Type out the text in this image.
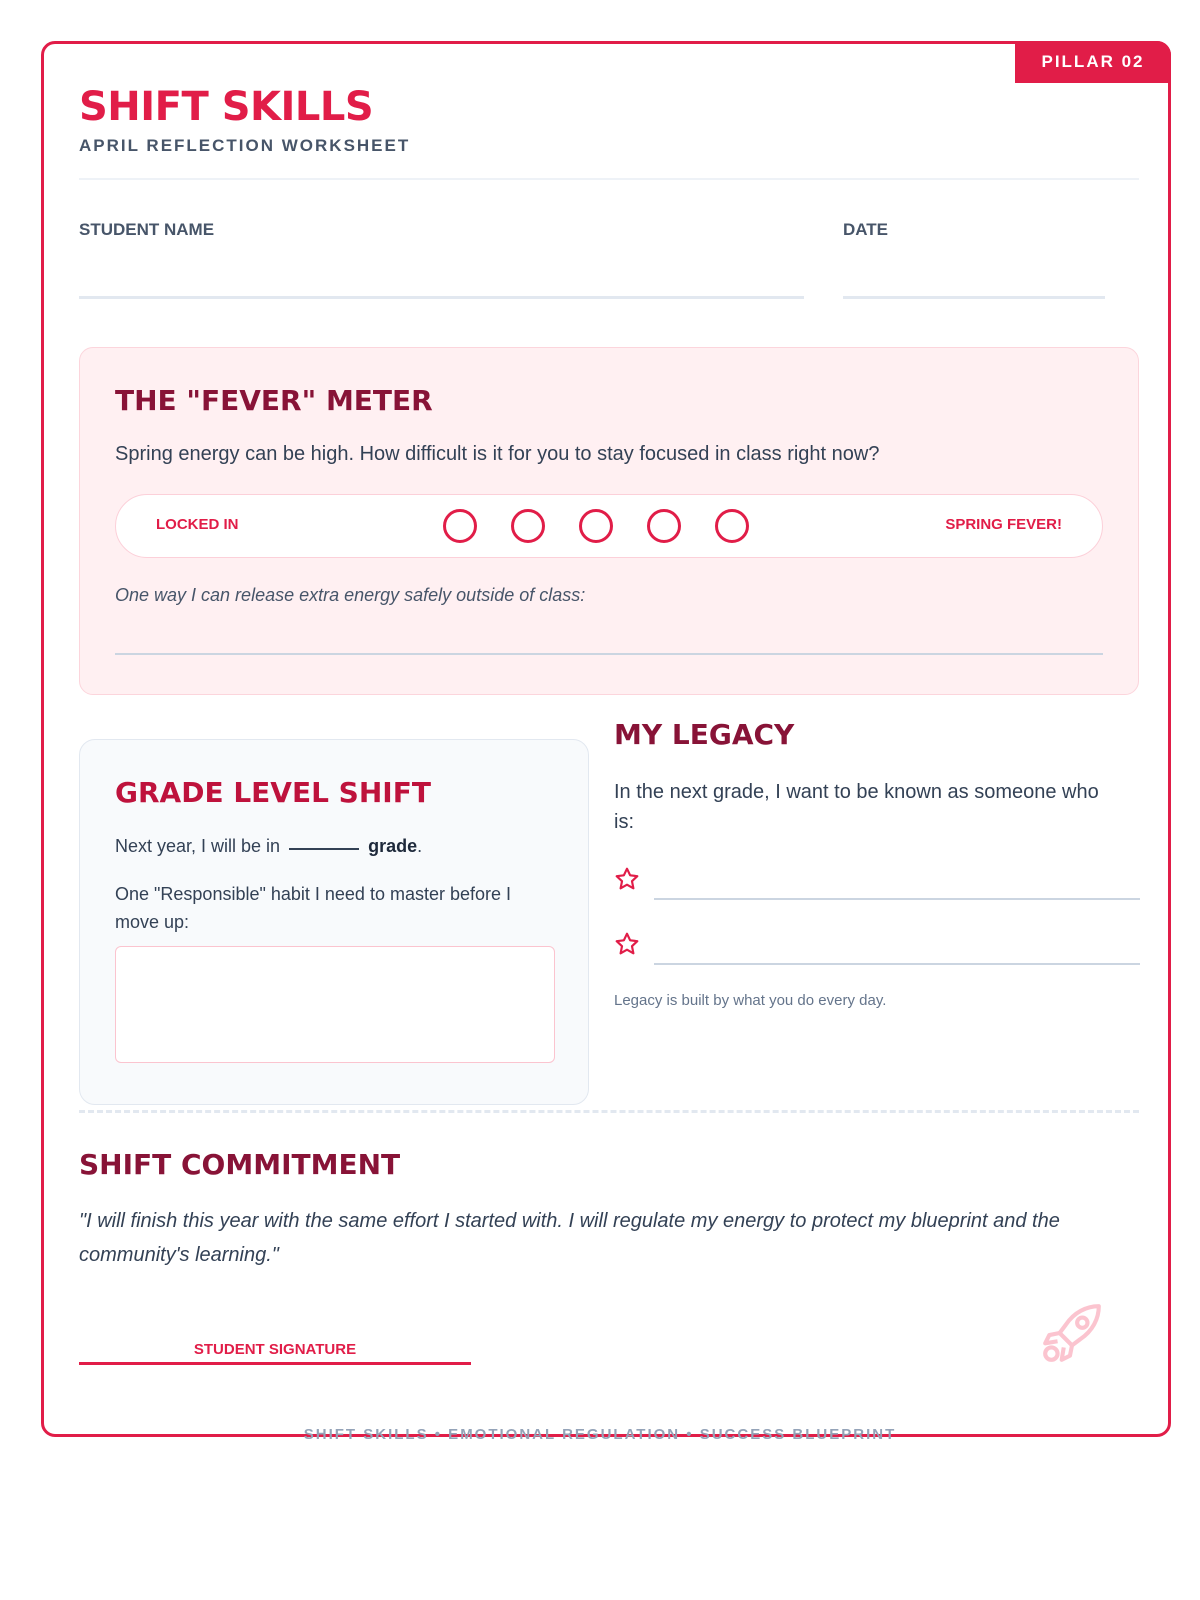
PILLAR 02
SHIFT SKILLS
APRIL REFLECTION WORKSHEET
STUDENT NAME	DATE
THE "FEVER" METER
Spring energy can be high. How difficult is it for you to stay focused in class right now?
LOCKED IN	SPRING FEVER!
One way I can release extra energy safely outside of class:
GRADE LEVEL SHIFT
Next year, I will be in	grade.
One "Responsible" habit I need to master before I move up:
MY LEGACY
In the next grade, I want to be known as someone who is:
Legacy is built by what you do every day.
SHIFT COMMITMENT
"I will finish this year with the same effort I started with. I will regulate my energy to protect my blueprint and the community's learning."
STUDENT SIGNATURE
SHIFT SKILLS • EMOTIONAL REGULATION • SUCCESS BLUEPRINT
